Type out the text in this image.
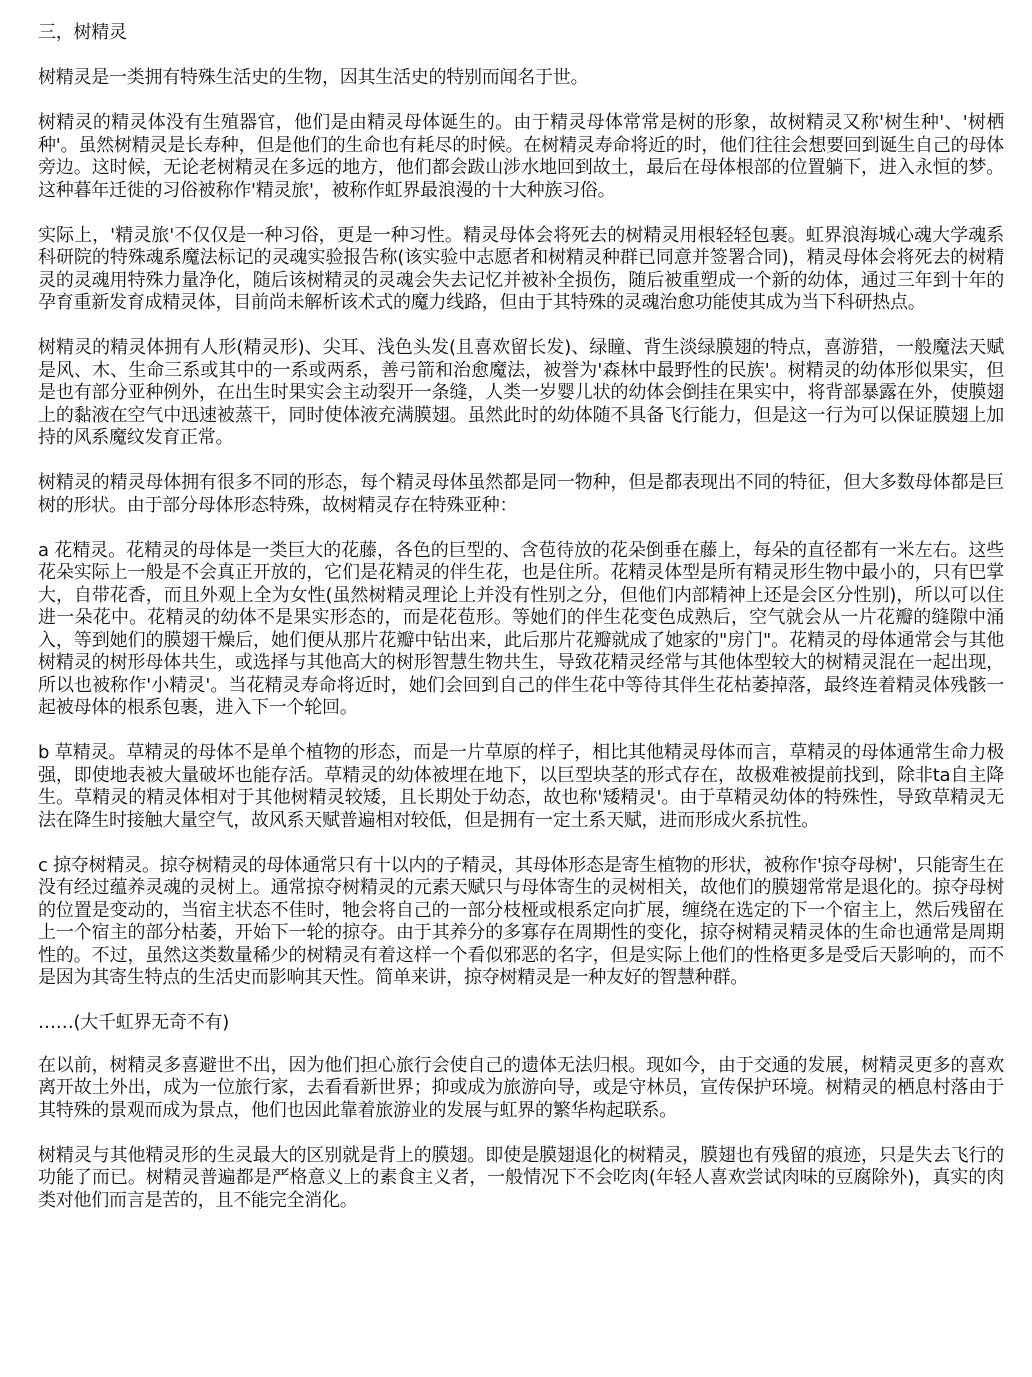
三，树精灵

树精灵是一类拥有特殊生活史的生物，因其生活史的特别而闻名于世。

树精灵的精灵体没有生殖器官，他们是由精灵母体诞生的。由于精灵母体常常是树的形象，故树精灵又称'树生种'、'树栖种'。虽然树精灵是长寿种，但是他们的生命也有耗尽的时候。在树精灵寿命将近的时，他们往往会想要回到诞生自己的母体旁边。这时候，无论老树精灵在多远的地方，他们都会跋山涉水地回到故土，最后在母体根部的位置躺下，进入永恒的梦。这种暮年迁徙的习俗被称作'精灵旅'，被称作虹界最浪漫的十大种族习俗。

实际上，'精灵旅'不仅仅是一种习俗，更是一种习性。精灵母体会将死去的树精灵用根轻轻包裹。虹界浪海城心魂大学魂系科研院的特殊魂系魔法标记的灵魂实验报告称(该实验中志愿者和树精灵种群已同意并签署合同)，精灵母体会将死去的树精灵的灵魂用特殊力量净化，随后该树精灵的灵魂会失去记忆并被补全损伤，随后被重塑成一个新的幼体，通过三年到十年的孕育重新发育成精灵体，目前尚未解析该术式的魔力线路，但由于其特殊的灵魂治愈功能使其成为当下科研热点。

树精灵的精灵体拥有人形(精灵形)、尖耳、浅色头发(且喜欢留长发)、绿瞳、背生淡绿膜翅的特点，喜游猎，一般魔法天赋是风、木、生命三系或其中的一系或两系，善弓箭和治愈魔法，被誉为'森林中最野性的民族'。树精灵的幼体形似果实，但是也有部分亚种例外，在出生时果实会主动裂开一条缝，人类一岁婴儿状的幼体会倒挂在果实中，将背部暴露在外，使膜翅上的黏液在空气中迅速被蒸干，同时使体液充满膜翅。虽然此时的幼体随不具备飞行能力，但是这一行为可以保证膜翅上加持的风系魔纹发育正常。

树精灵的精灵母体拥有很多不同的形态，每个精灵母体虽然都是同一物种，但是都表现出不同的特征，但大多数母体都是巨树的形状。由于部分母体形态特殊，故树精灵存在特殊亚种：

a 花精灵。花精灵的母体是一类巨大的花藤，各色的巨型的、含苞待放的花朵倒垂在藤上，每朵的直径都有一米左右。这些花朵实际上一般是不会真正开放的，它们是花精灵的伴生花，也是住所。花精灵体型是所有精灵形生物中最小的，只有巴掌大，自带花香，而且外观上全为女性(虽然树精灵理论上并没有性别之分，但他们内部精神上还是会区分性别)，所以可以住进一朵花中。花精灵的幼体不是果实形态的，而是花苞形。等她们的伴生花变色成熟后，空气就会从一片花瓣的缝隙中涌入，等到她们的膜翅干燥后，她们便从那片花瓣中钻出来，此后那片花瓣就成了她家的"房门"。花精灵的母体通常会与其他树精灵的树形母体共生，或选择与其他高大的树形智慧生物共生，导致花精灵经常与其他体型较大的树精灵混在一起出现，所以也被称作'小精灵'。当花精灵寿命将近时，她们会回到自己的伴生花中等待其伴生花枯萎掉落，最终连着精灵体残骸一起被母体的根系包裹，进入下一个轮回。

b 草精灵。草精灵的母体不是单个植物的形态，而是一片草原的样子，相比其他精灵母体而言，草精灵的母体通常生命力极强，即使地表被大量破坏也能存活。草精灵的幼体被埋在地下，以巨型块茎的形式存在，故极难被提前找到，除非ta自主降生。草精灵的精灵体相对于其他树精灵较矮，且长期处于幼态，故也称'矮精灵'。由于草精灵幼体的特殊性，导致草精灵无法在降生时接触大量空气，故风系天赋普遍相对较低，但是拥有一定土系天赋，进而形成火系抗性。

c 掠夺树精灵。掠夺树精灵的母体通常只有十以内的子精灵，其母体形态是寄生植物的形状，被称作'掠夺母树'，只能寄生在没有经过蕴养灵魂的灵树上。通常掠夺树精灵的元素天赋只与母体寄生的灵树相关，故他们的膜翅常常是退化的。掠夺母树的位置是变动的，当宿主状态不佳时，牠会将自己的一部分枝桠或根系定向扩展，缠绕在选定的下一个宿主上，然后残留在上一个宿主的部分枯萎，开始下一轮的掠夺。由于其养分的多寡存在周期性的变化，掠夺树精灵精灵体的生命也通常是周期性的。不过，虽然这类数量稀少的树精灵有着这样一个看似邪恶的名字，但是实际上他们的性格更多是受后天影响的，而不是因为其寄生特点的生活史而影响其天性。简单来讲，掠夺树精灵是一种友好的智慧种群。

……(大千虹界无奇不有)

在以前，树精灵多喜避世不出，因为他们担心旅行会使自己的遗体无法归根。现如今，由于交通的发展，树精灵更多的喜欢离开故土外出，成为一位旅行家，去看看新世界；抑或成为旅游向导，或是守林员，宣传保护环境。树精灵的栖息村落由于其特殊的景观而成为景点，他们也因此靠着旅游业的发展与虹界的繁华构起联系。

树精灵与其他精灵形的生灵最大的区别就是背上的膜翅。即使是膜翅退化的树精灵，膜翅也有残留的痕迹，只是失去飞行的功能了而已。树精灵普遍都是严格意义上的素食主义者，一般情况下不会吃肉(年轻人喜欢尝试肉味的豆腐除外)，真实的肉类对他们而言是苦的，且不能完全消化。
